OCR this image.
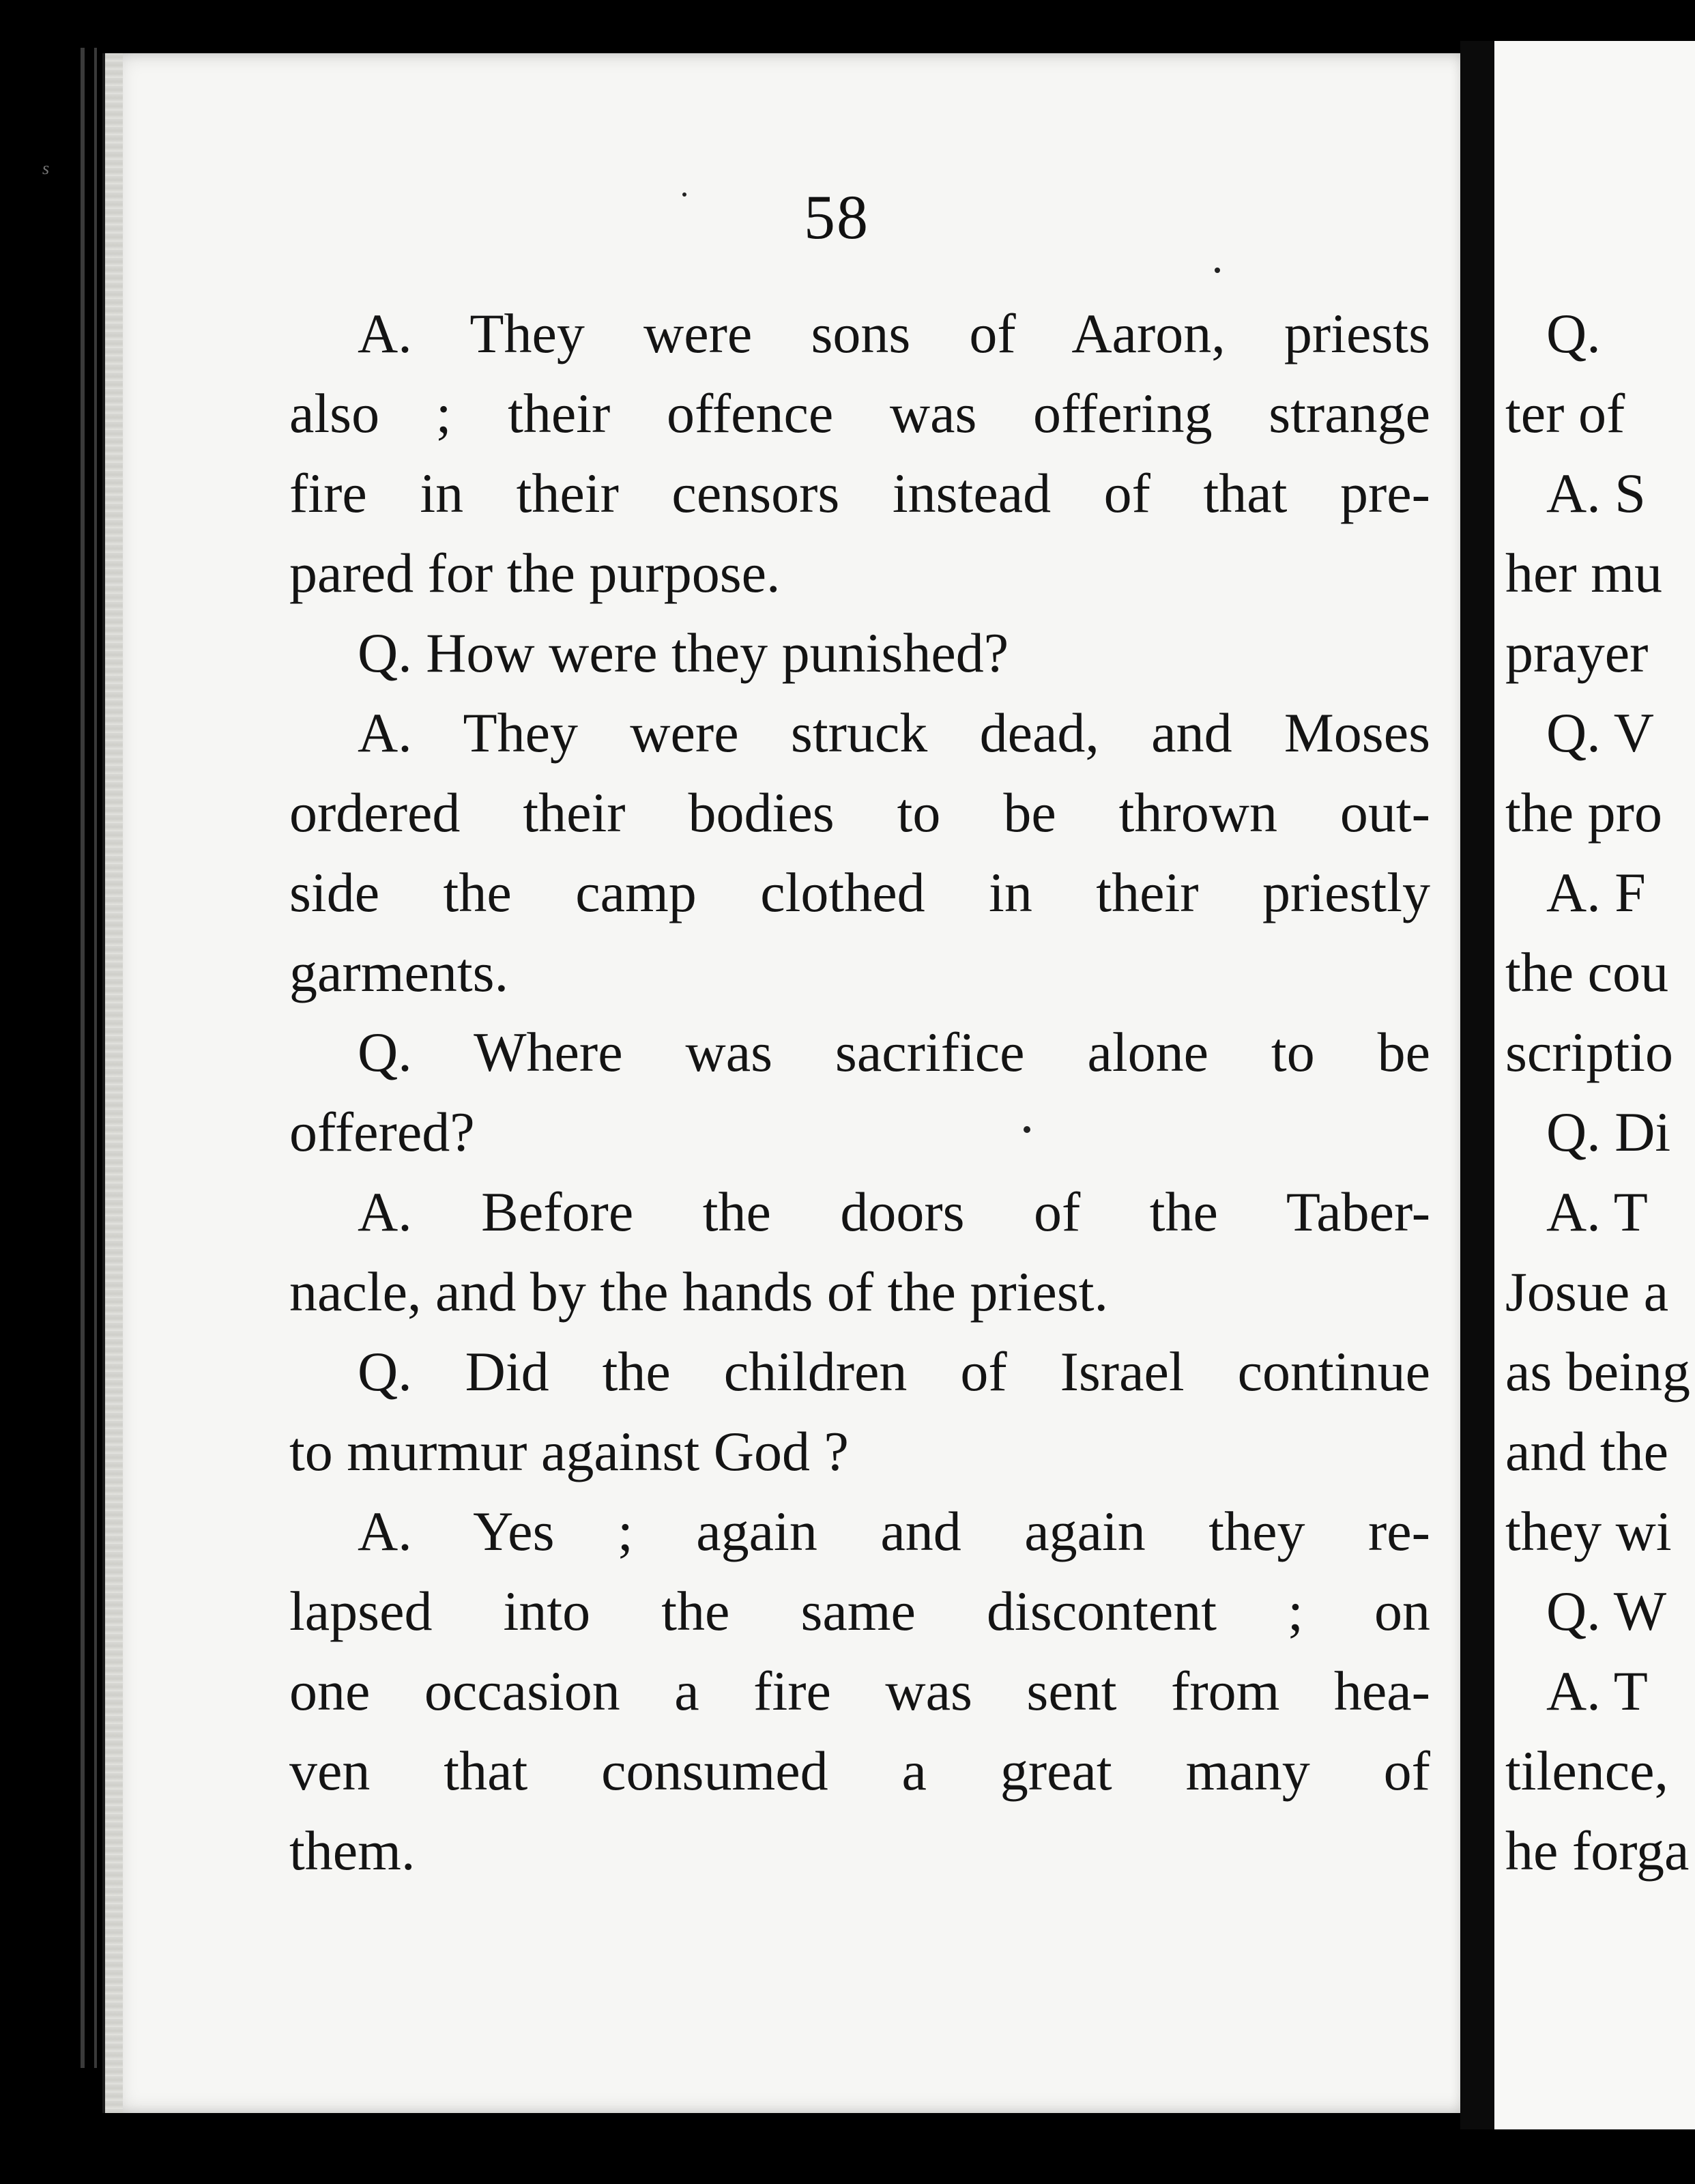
s
58
A. They were sons of Aaron, priests
also ; their offence was offering strange
fire in their censors instead of that pre-
pared for the purpose.
Q. How were they punished?
A. They were struck dead, and Moses
ordered their bodies to be thrown out-
side the camp clothed in their priestly
garments.
Q. Where was sacrifice alone to be
offered?
A. Before the doors of the Taber-
nacle, and by the hands of the priest.
Q. Did the children of Israel continue
to murmur against God ?
A. Yes ; again and again they re-
lapsed into the same discontent ; on
one occasion a fire was sent from hea-
ven that consumed a great many of
them.
Q.
ter of
A. S
her mu
prayer
Q. V
the pro
A. F
the cou
scriptio
Q. Di
A. T
Josue a
as being
and the
they wi
Q. W
A. T
tilence,
he forga
